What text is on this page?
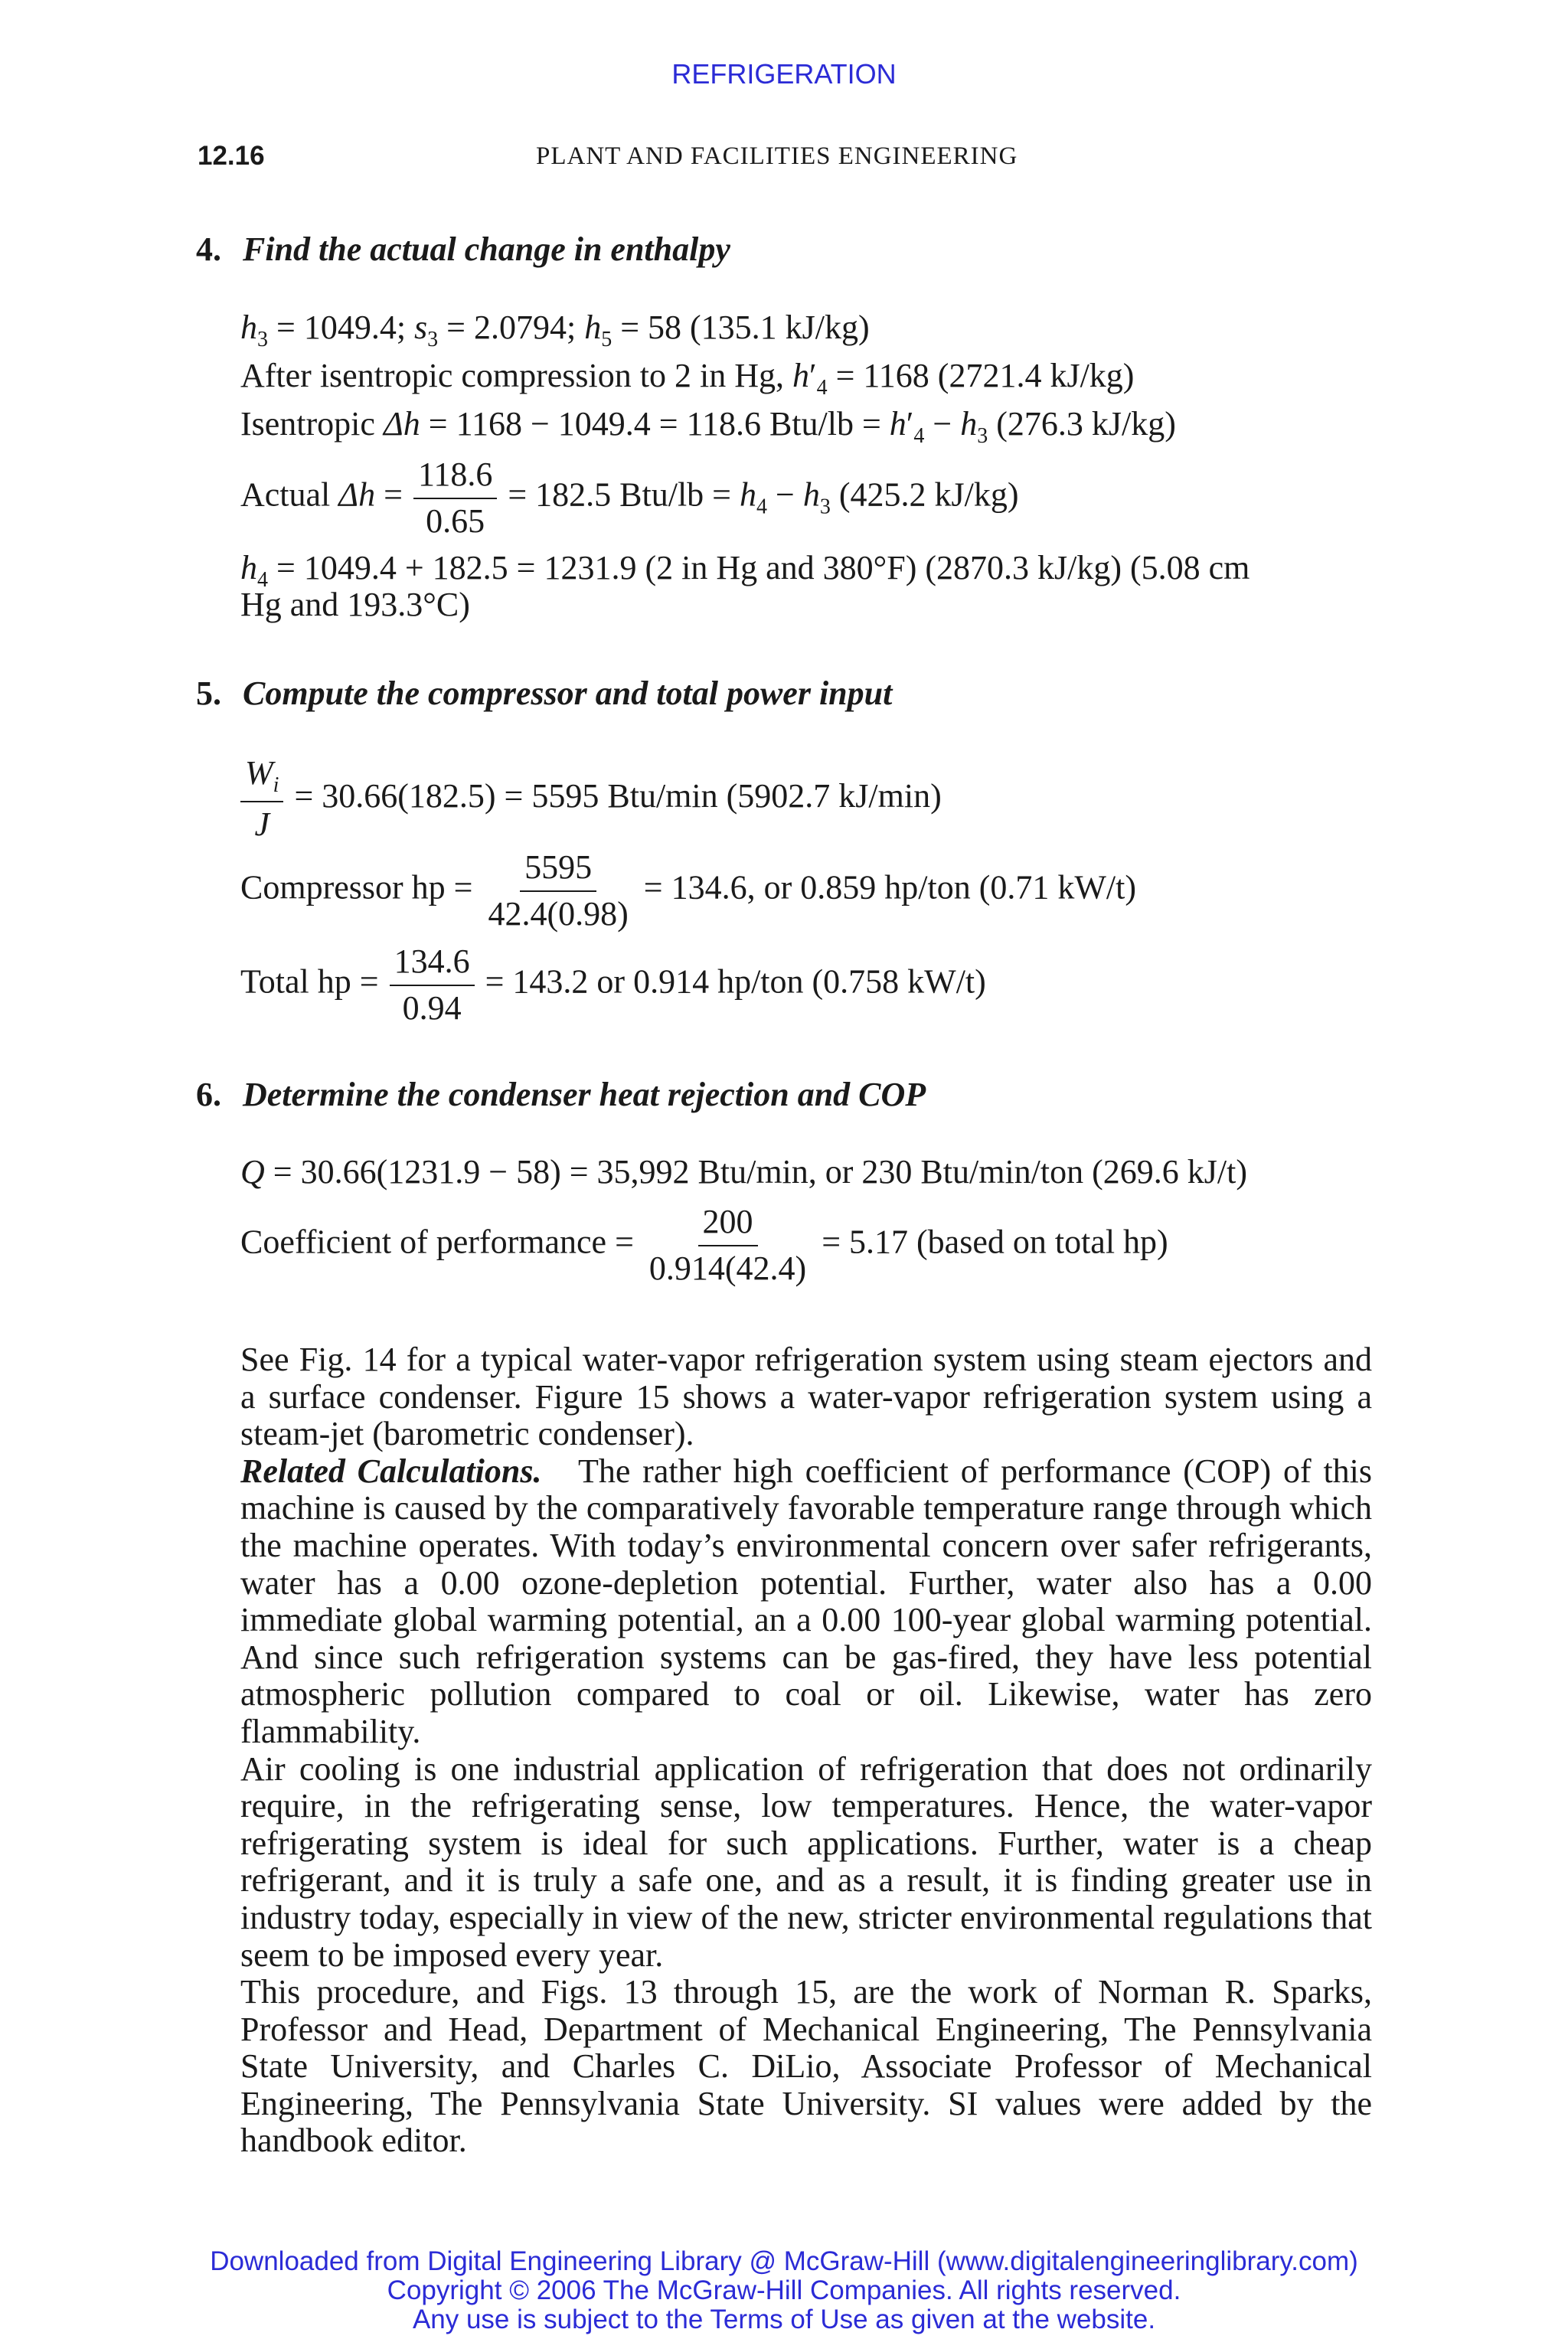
REFRIGERATION
12.16	PLANT AND FACILITIES ENGINEERING
4. Find the actual change in enthalpy
$h_3 = 1049.4$; $s_3 = 2.0794$; $h_5 = 58$ (135.1 kJ/kg)
After isentropic compression to 2 in Hg, $h'_4 = 1168$ (2721.4 kJ/kg)
Isentropic Δh = 1168 − 1049.4 = 118.6 $Btu/lb = h'_4 - h_3$ (276.3 kJ/kg)
Actual $\Delta h = \frac{118.6}{0.65} = 182.5$ $Btu/lb = h_4 - h_3$ (425.2 kJ/kg)
$h_4 = 1049.4 + 182.5 = 1231.9$ (2 in Hg and 380°F) (2870.3 kJ/kg) (5.08 cm
Hg and 193.3°C)
5. Compute the compressor and total power input
$\frac{W_i}{J} = 30.66(182.5) = 5595$ Btu/min (5902.7 kJ/min)
Compressor hp = $\frac{5595}{42.4(0.98)} = 134.6$, or 0.859 hp/ton (0.71 kW/t)
Total hp = $\frac{134.6}{0.94} = 143.2$ or 0.914 hp/ton (0.758 kW/t)
6. Determine the condenser heat rejection and COP
Q = 30.66(1231.9 − 58) = 35,992 Btu/min, or 230 Btu/min/ton (269.6 kJ/t)
Coefficient of performance = $\frac{200}{0.914(42.4)} = 5.17$ (based on total hp)
See Fig. 14 for a typical water-vapor refrigeration system using steam ejectors and a surface condenser. Figure 15 shows a water-vapor refrigeration system using a steam-jet (barometric condenser).
Related Calculations. The rather high coefficient of performance (COP) of this machine is caused by the comparatively favorable temperature range through which the machine operates. With today’s environmental concern over safer refrigerants, water has a 0.00 ozone-depletion potential. Further, water also has a 0.00 immediate global warming potential, an a 0.00 100-year global warming potential. And since such refrigeration systems can be gas-fired, they have less potential atmospheric pollution compared to coal or oil. Likewise, water has zero flammability.
Air cooling is one industrial application of refrigeration that does not ordinarily require, in the refrigerating sense, low temperatures. Hence, the water-vapor refrigerating system is ideal for such applications. Further, water is a cheap refrigerant, and it is truly a safe one, and as a result, it is finding greater use in industry today, especially in view of the new, stricter environmental regulations that seem to be imposed every year.
This procedure, and Figs. 13 through 15, are the work of Norman R. Sparks, Professor and Head, Department of Mechanical Engineering, The Pennsylvania State University, and Charles C. DiLio, Associate Professor of Mechanical Engineering, The Pennsylvania State University. SI values were added by the handbook editor.
Downloaded from Digital Engineering Library @ McGraw-Hill (www.digitalengineeringlibrary.com)
Copyright © 2006 The McGraw-Hill Companies. All rights reserved.
Any use is subject to the Terms of Use as given at the website.
